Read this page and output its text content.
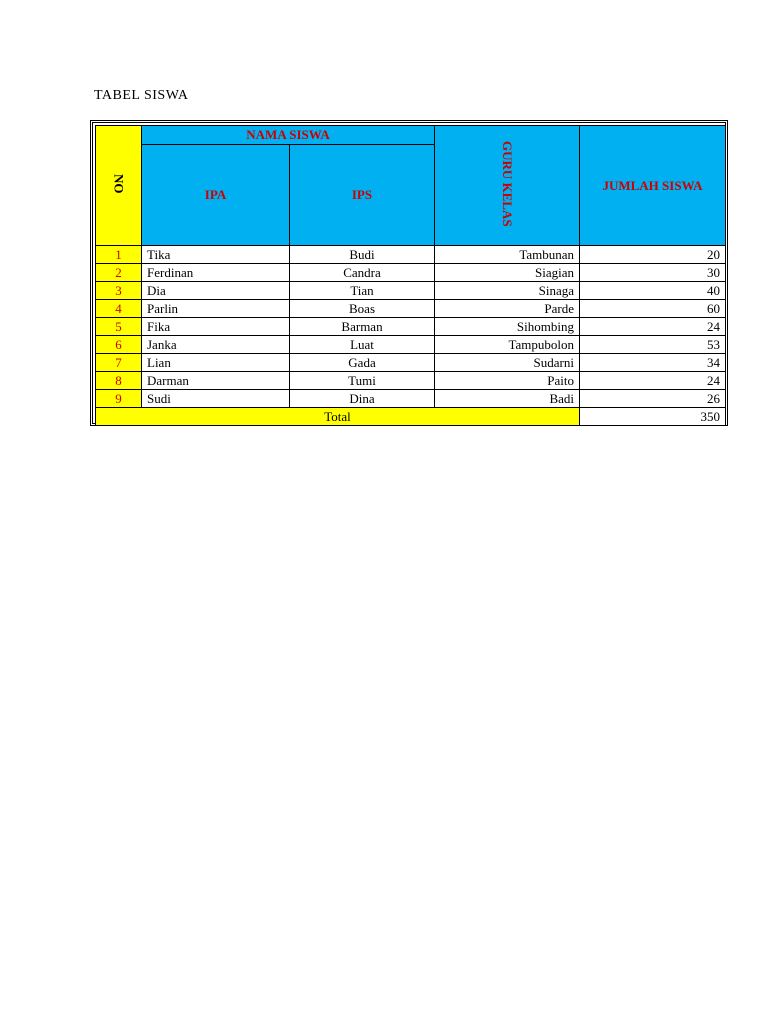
TABEL SISWA
NO	NAMA SISWA		GURU KELAS	JUMLAH SISWA
	IPA	IPS		
1	Tika	Budi	Tambunan	20
2	Ferdinan	Candra	Siagian	30
3	Dia	Tian	Sinaga	40
4	Parlin	Boas	Parde	60
5	Fika	Barman	Sihombing	24
6	Janka	Luat	Tampubolon	53
7	Lian	Gada	Sudarni	34
8	Darman	Tumi	Paito	24
9	Sudi	Dina	Badi	26
Total				350
